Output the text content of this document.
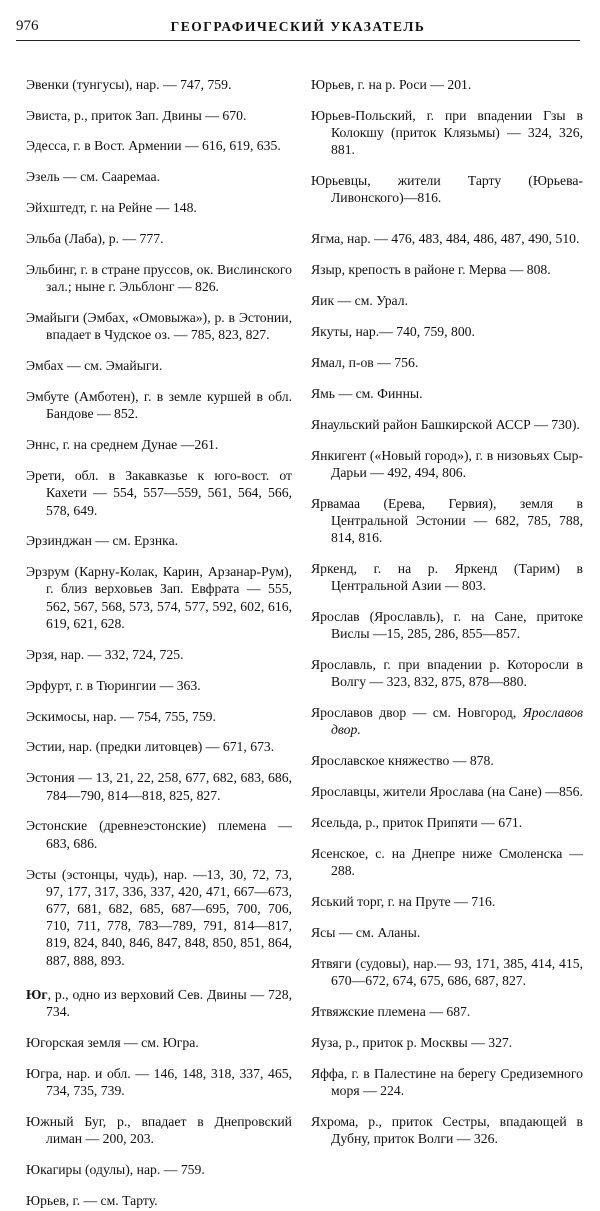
976	ГЕОГРАФИЧЕСКИЙ УКАЗАТЕЛЬ

Эвенки (тунгусы), нар. — 747, 759.

Эвиста, р., приток Зап. Двины — 670.

Эдесса, г. в Вост. Армении — 616, 619, 635.

Эзель — см. Сааремаа.

Эйхштедт, г. на Рейне — 148.

Эльба (Лаба), р. — 777.

Эльбинг, г. в стране пруссов, ок. Вислинского зал.; ныне г. Эльблонг — 826.

Эмайыги (Эмбах, «Омовыжа»), р. в Эстонии, впадает в Чудское оз. — 785, 823, 827.

Эмбах — см. Эмайыги.

Эмбуте (Амботен), г. в земле куршей в обл. Бандове — 852.

Эннс, г. на среднем Дунае —261.

Эрети, обл. в Закавказье к юго-вост. от Кахети — 554, 557—559, 561, 564, 566, 578, 649.

Эрзинджан — см. Ерзнка.

Эрзрум (Карну-Колак, Карин, Арзанар-Рум), г. близ верховьев Зап. Евфрата — 555, 562, 567, 568, 573, 574, 577, 592, 602, 616, 619, 621, 628.

Эрзя, нар. — 332, 724, 725.

Эрфурт, г. в Тюрингии — 363.

Эскимосы, нар. — 754, 755, 759.

Эстии, нар. (предки литовцев) — 671, 673.

Эстония — 13, 21, 22, 258, 677, 682, 683, 686, 784—790, 814—818, 825, 827.

Эстонские (древнеэстонские) племена — 683, 686.

Эсты (эстонцы, чудь), нар. —13, 30, 72, 73, 97, 177, 317, 336, 337, 420, 471, 667—673, 677, 681, 682, 685, 687—695, 700, 706, 710, 711, 778, 783—789, 791, 814—817, 819, 824, 840, 846, 847, 848, 850, 851, 864, 887, 888, 893.

Юг, р., одно из верховий Сев. Двины — 728, 734.

Югорская земля — см. Югра.

Югра, нар. и обл. — 146, 148, 318, 337, 465, 734, 735, 739.

Южный Буг, р., впадает в Днепровский лиман — 200, 203.

Юкагиры (одулы), нар. — 759.

Юрьев, г. — см. Тарту.

Юрьев, г. на р. Роси — 201.

Юрьев-Польский, г. при впадении Гзы в Колокшу (приток Клязьмы) — 324, 326, 881.

Юрьевцы, жители Тарту (Юрьева-Ливонского)—816.

Ягма, нар. — 476, 483, 484, 486, 487, 490, 510.

Языр, крепость в районе г. Мерва — 808.

Яик — см. Урал.

Якуты, нар.— 740, 759, 800.

Ямал, п-ов — 756.

Ямь — см. Финны.

Янаульский район Башкирской АССР — 730).

Янкигент («Новый город»), г. в низовьях Сыр-Дарьи — 492, 494, 806.

Ярвамаа (Ерева, Гервия), земля в Центральной Эстонии — 682, 785, 788, 814, 816.

Яркенд, г. на р. Яркенд (Тарим) в Центральной Азии — 803.

Ярослав (Ярославль), г. на Сане, притоке Вислы —15, 285, 286, 855—857.

Ярославль, г. при впадении р. Которосли в Волгу — 323, 832, 875, 878—880.

Ярославов двор — см. Новгород, Ярославов двор.

Ярославское княжество — 878.

Ярославцы, жители Ярослава (на Сане) —856.

Ясельда, р., приток Припяти — 671.

Ясенское, с. на Днепре ниже Смоленска — 288.

Яський торг, г. на Пруте — 716.

Ясы — см. Аланы.

Ятвяги (судовы), нар.— 93, 171, 385, 414, 415, 670—672, 674, 675, 686, 687, 827.

Ятвяжские племена — 687.

Яуза, р., приток р. Москвы — 327.

Яффа, г. в Палестине на берегу Средиземного моря — 224.

Яхрома, р., приток Сестры, впадающей в Дубну, приток Волги — 326.
